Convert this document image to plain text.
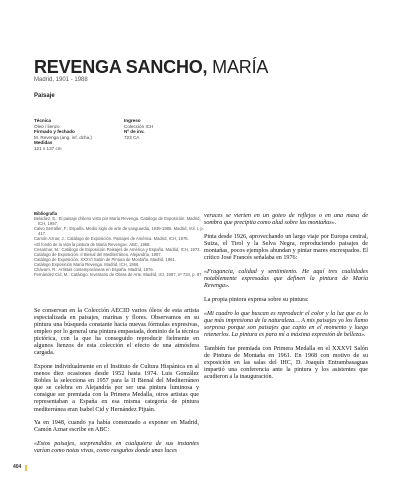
REVENGA SANCHO, MARÍA
Madrid, 1901 - 1988
Paisaje
Técnica
Óleo / lienzo
Firmado y fechado
M. Revenga (ang. inf. dcha.)
Medidas
121 x 137 cm
Ingreso
Colección ICH
Nº de inv.
723 CA
Bibliografía

Beladiez, E.: El paisaje chileno visto por María Revenga. Catálogo de Exposición. Madrid, ICH, 1957.

Calvo Serraller, F.: España. Medio siglo de arte de vanguardia, 1939-1985. Madrid, Vol. I, p. 417.

Camón Aznar, J.: Catálogo de Exposición. Paisajes de América. Madrid, ICH, 1976.

«El fondo de la vida la pintura de María Revenga». ABC, 1968.

Cesarmar, M.: Catálogo de Exposición Paisajes de América y España. Madrid, ICH, 1972.

Catálogo de Exposición. II Bienal del Mediterráneo. Alejandría, 1957.

Catálogo de Exposición. XXXVI Salón de Pintura de Montaña. Madrid, 1961.

Catálogo Exposición María Revenga. Madrid, ICH, 1966.

Chávarri, R.: Artistas contemporáneas en España. Madrid, 1976.

Fernández Cid, M.: Catálogo. Inventario de Obras de Arte. Madrid, ICI, 1987, nº 734, p. 87.

Se conservan en la Colección AECID varios óleos de esta artista especializada en paisajes, marinas y flores. Observamos en su pintura una búsqueda constante hacia nuevas fórmulas expresivas, empleo por lo general una pintura empastada, dominio de la técnica pictórica, con la que ha conseguido reproducir fielmente en algunos lienzos de esta colección el efecto de una atmósfera cargada.

Expone individualmente en el Instituto de Cultura Hispánica en al menos diez ocasiones desde 1952 hasta 1974. Luis González Robles la selecciona en 1957 para la II Bienal del Mediterráneo que se celebra en Alejandría por ser una pintura luminosa y consigue ser premiada con la Primera Medalla, otros artistas que representaban a España en esa misma categoría de pintura mediterránea eran Isabel Cid y Hernández Pijuán.

Ya en 1948, cuando ya había comenzado a exponer en Madrid, Camón Aznar escribe en ABC:

«Estos paisajes, sorprendidos en cualquiera de sus instantes varían como notas vivas, como rasguños donde unas luces

veraces se vierten en un goteo de reflejos o en una masa de sombra que precipita como alud sobre las montañas».

Pinta desde 1926, aprovechando un largo viaje por Europa central, Suiza, el Tirol y la Selva Negra, reproduciendo paisajes de montañas, pocos ejemplos abundan y pintar mares encrespados. El crítico José Francés señalaba en 1976:

«Fragancia, calidad y sentimiento. He aquí tres cualidades notablemente expresadas que definen la pintura de María Revenga».

La propia pintora expresa sobre su pintura:

«Mi cuadro lo que buscan es reproducir el color y la luz que es lo que más impresiona de la naturaleza… A mis paisajes yo los llamo sorpresa porque son paisajes que capto en el momento y luego retenerlos. La pintura es para mí a máxima expresión de belleza».

También fue premiada con Primera Medalla en el XXXVI Salón de Pintura de Montaña en 1961. En 1968 con motivo de su exposición en las salas del IHC, D. Joaquín Entrambasaguas impartió una conferencia ante la pintura y los asistentes que acudieron a la inauguración.

404
